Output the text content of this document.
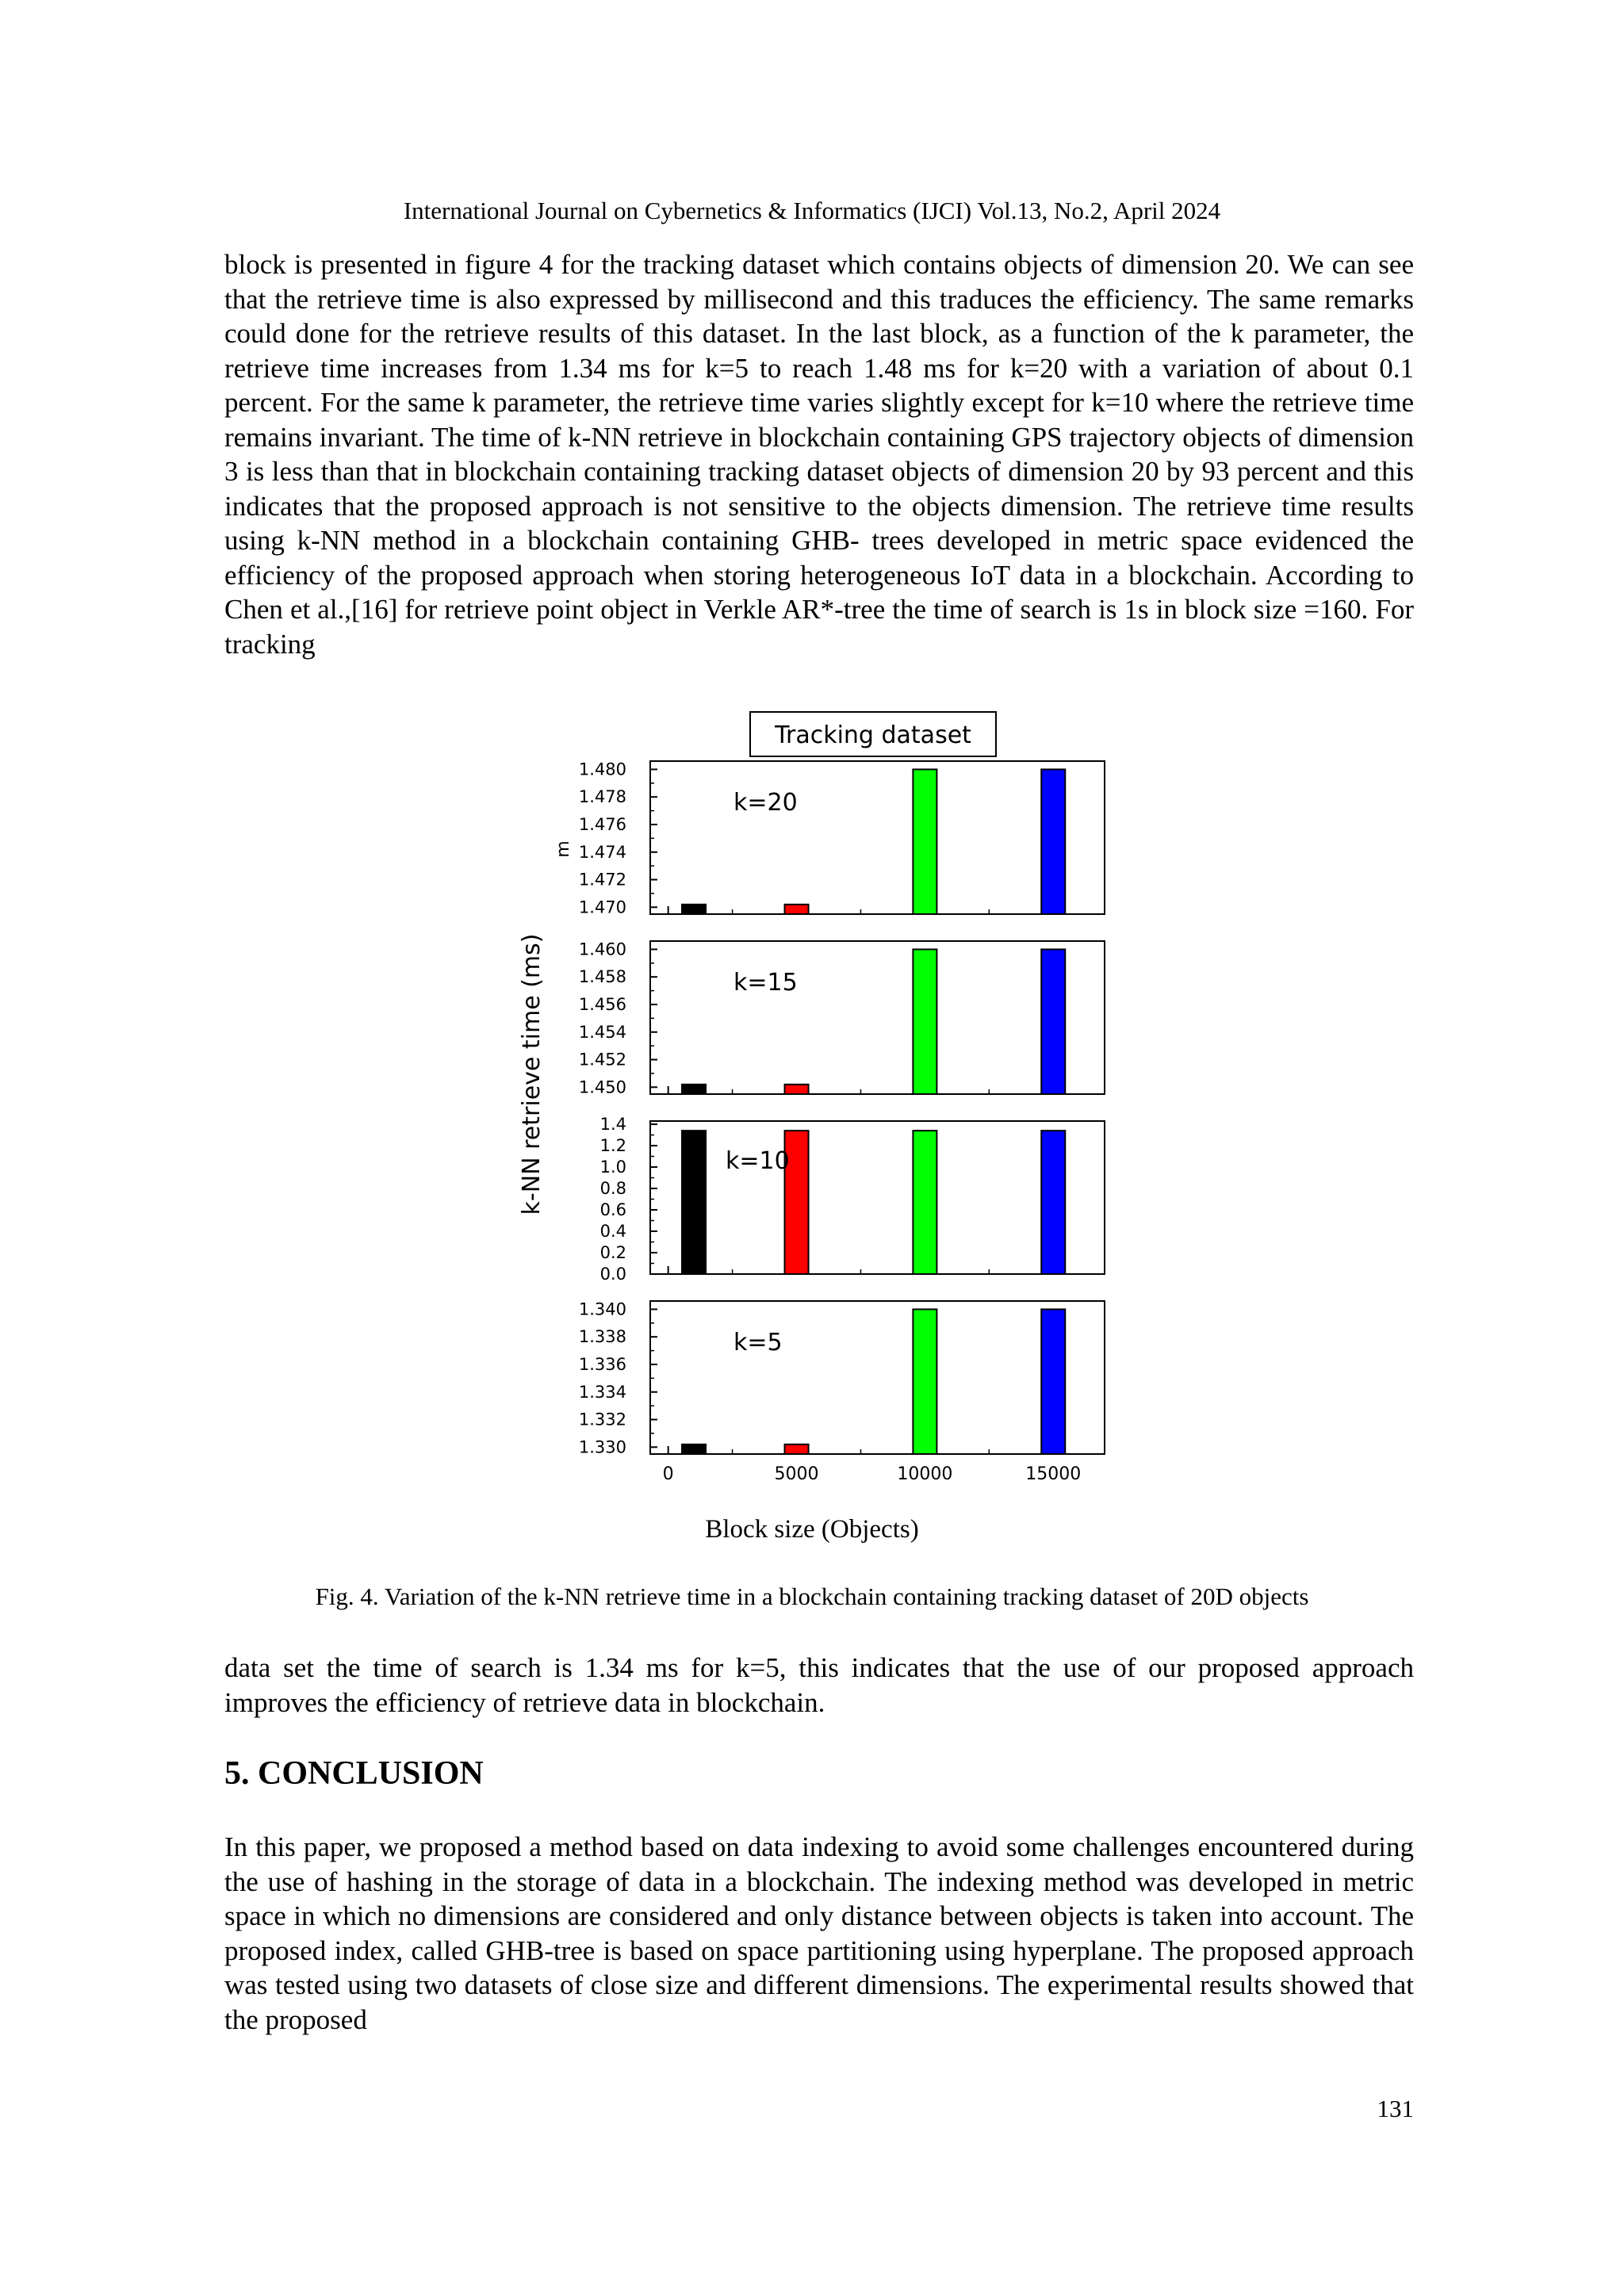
International Journal on Cybernetics & Informatics (IJCI) Vol.13, No.2, April 2024

block is presented in figure 4 for the tracking dataset which contains objects of dimension 20. We can see that the retrieve time is also expressed by millisecond and this traduces the efficiency. The same remarks could done for the retrieve results of this dataset. In the last block, as a function of the k parameter, the retrieve time increases from 1.34 ms for k=5 to reach 1.48 ms for k=20 with a variation of about 0.1 percent. For the same k parameter, the retrieve time varies slightly except for k=10 where the retrieve time remains invariant. The time of k-NN retrieve in blockchain containing GPS trajectory objects of dimension 3 is less than that in blockchain containing tracking dataset objects of dimension 20 by 93 percent and this indicates that the proposed approach is not sensitive to the objects dimension. The retrieve time results using k-NN method in a blockchain containing GHB- trees developed in metric space evidenced the efficiency of the proposed approach when storing heterogeneous IoT data in a blockchain. According to Chen et al.,[16] for retrieve point object in Verkle AR*-tree the time of search is 1s in block size =160. For tracking

Tracking dataset
k-NN retrieve time (ms)
m
1.480
1.478
1.476
1.474
1.472
1.470
k=20
1.460
1.458
1.456
1.454
1.452
1.450
k=15
1.4
1.2
1.0
0.8
0.6
0.4
0.2
0.0
k=10
1.340
1.338
1.336
1.334
1.332
1.330
k=5
0	5000	10000	15000
Block size (Objects)
Fig. 4. Variation of the k-NN retrieve time in a blockchain containing tracking dataset of 20D objects

data set the time of search is 1.34 ms for k=5, this indicates that the use of our proposed approach improves the efficiency of retrieve data in blockchain.

5. CONCLUSION

In this paper, we proposed a method based on data indexing to avoid some challenges encountered during the use of hashing in the storage of data in a blockchain. The indexing method was developed in metric space in which no dimensions are considered and only distance between objects is taken into account. The proposed index, called GHB-tree is based on space partitioning using hyperplane. The proposed approach was tested using two datasets of close size and different dimensions. The experimental results showed that the proposed

131
